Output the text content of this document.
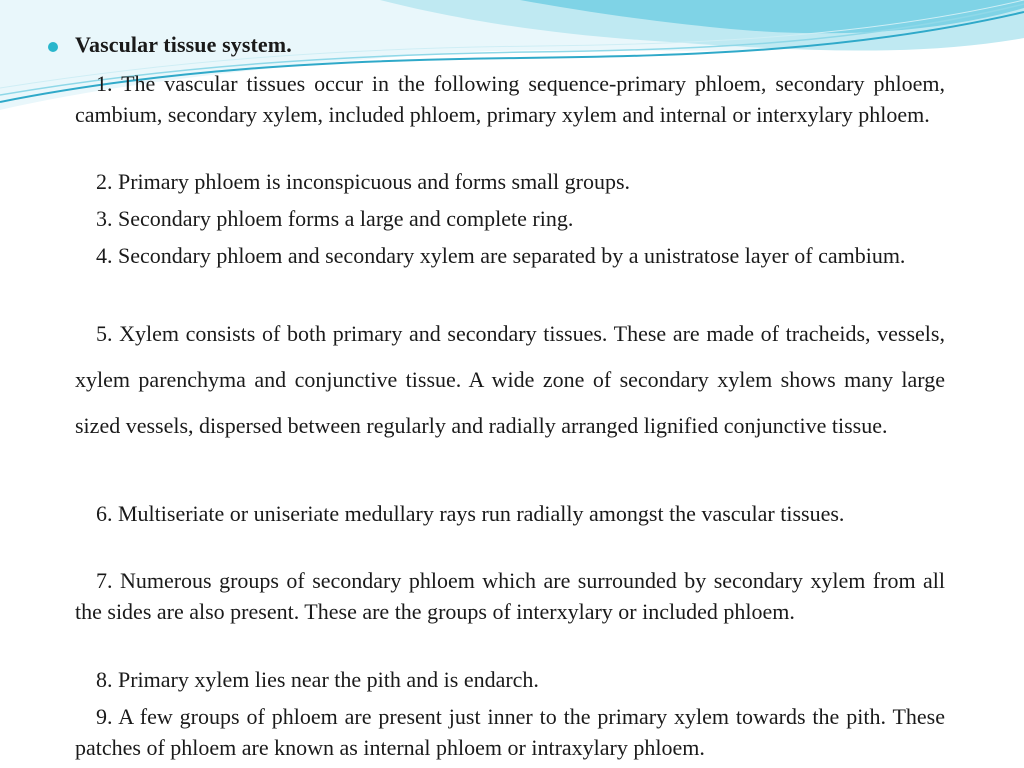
Vascular tissue system.
1. The vascular tissues occur in the following sequence-primary phloem, secondary phloem, cambium, secondary xylem, included phloem, primary xylem and internal or interxylary phloem.
2. Primary phloem is inconspicuous and forms small groups.
3. Secondary phloem forms a large and complete ring.
4. Secondary phloem and secondary xylem are separated by a unistratose layer of cambium.
5. Xylem consists of both primary and secondary tissues. These are made of tracheids, vessels, xylem parenchyma and conjunctive tissue. A wide zone of secondary xylem shows many large sized vessels, dispersed between regularly and radially arranged lignified conjunctive tissue.
6. Multiseriate or uniseriate medullary rays run radially amongst the vascular tissues.
7. Numerous groups of secondary phloem which are surrounded by secondary xylem from all the sides are also present. These are the groups of interxylary or included phloem.
8. Primary xylem lies near the pith and is endarch.
9. A few groups of phloem are present just inner to the primary xylem towards the pith. These patches of phloem are known as internal phloem or intraxylary phloem.
